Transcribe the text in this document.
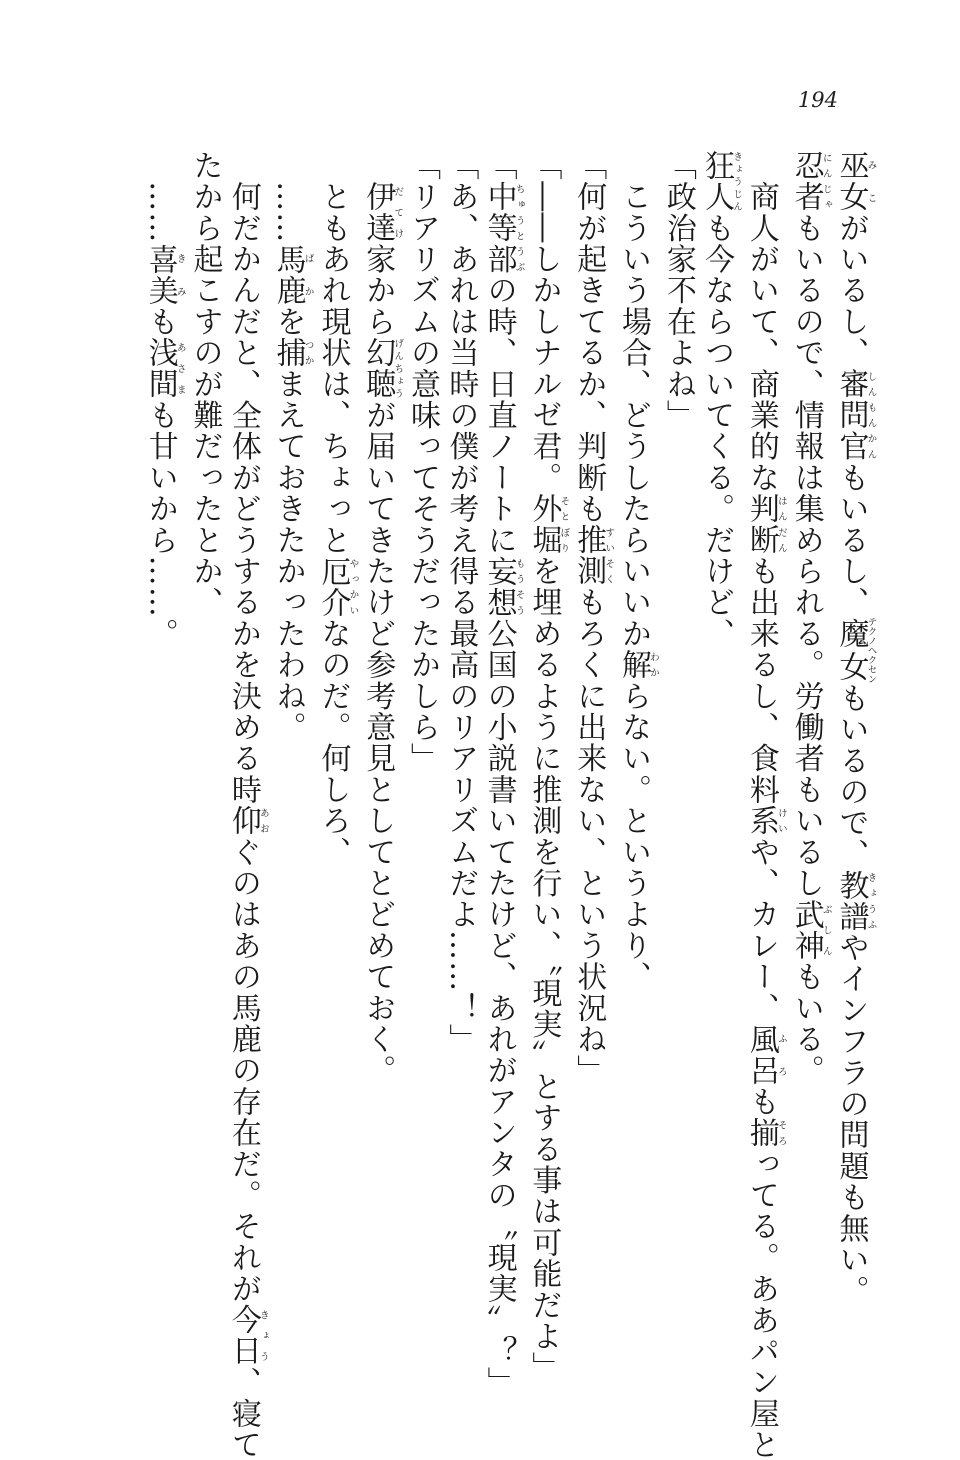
194
巫女みこがいるし、審問官しんもんかんもいるし、魔女テクノヘクセンもいるので、教譜きょうふやインフラの問題も無い。
忍者にんじゃもいるので、情報は集められる。労働者もいるし武神ぶしんもいる。
　商人がいて、商業的な判断はんだんも出来るし、食料系けいや、カレー、風呂ふろも揃そろってる。ああパン屋と
狂人きょうじんも今ならついてくる。だけど、
「政治家不在よね」
　こういう場合、どうしたらいいか解わからない。というより、
「何が起きてるか、判断も推測すいそくもろくに出来ない、という状況ね」
「――しかしナルゼ君。外堀そとぼりを埋めるように推測を行い、〝現実〟とする事は可能だよ」
「中等部ちゅうとうぶの時、日直ノートに妄想もうそう公国の小説書いてたけど、あれがアンタの〝現実〟？」
「あ、あれは当時の僕が考え得る最高のリアリズムだよ……！」
「リアリズムの意味ってそうだったかしら」
　伊達だてけ家から幻聴げんちょうが届いてきたけど参考意見としてとどめておく。
　ともあれ現状は、ちょっと厄介やっかいなのだ。何しろ、
　……馬鹿ばかを捕つかまえておきたかったわね。
　何だかんだと、全体がどうするかを決める時仰あおぐのはあの馬鹿の存在だ。それが今日きょう、寝て
たから起こすのが難だったとか、
　……喜美きみも浅間あさまも甘いから……。
